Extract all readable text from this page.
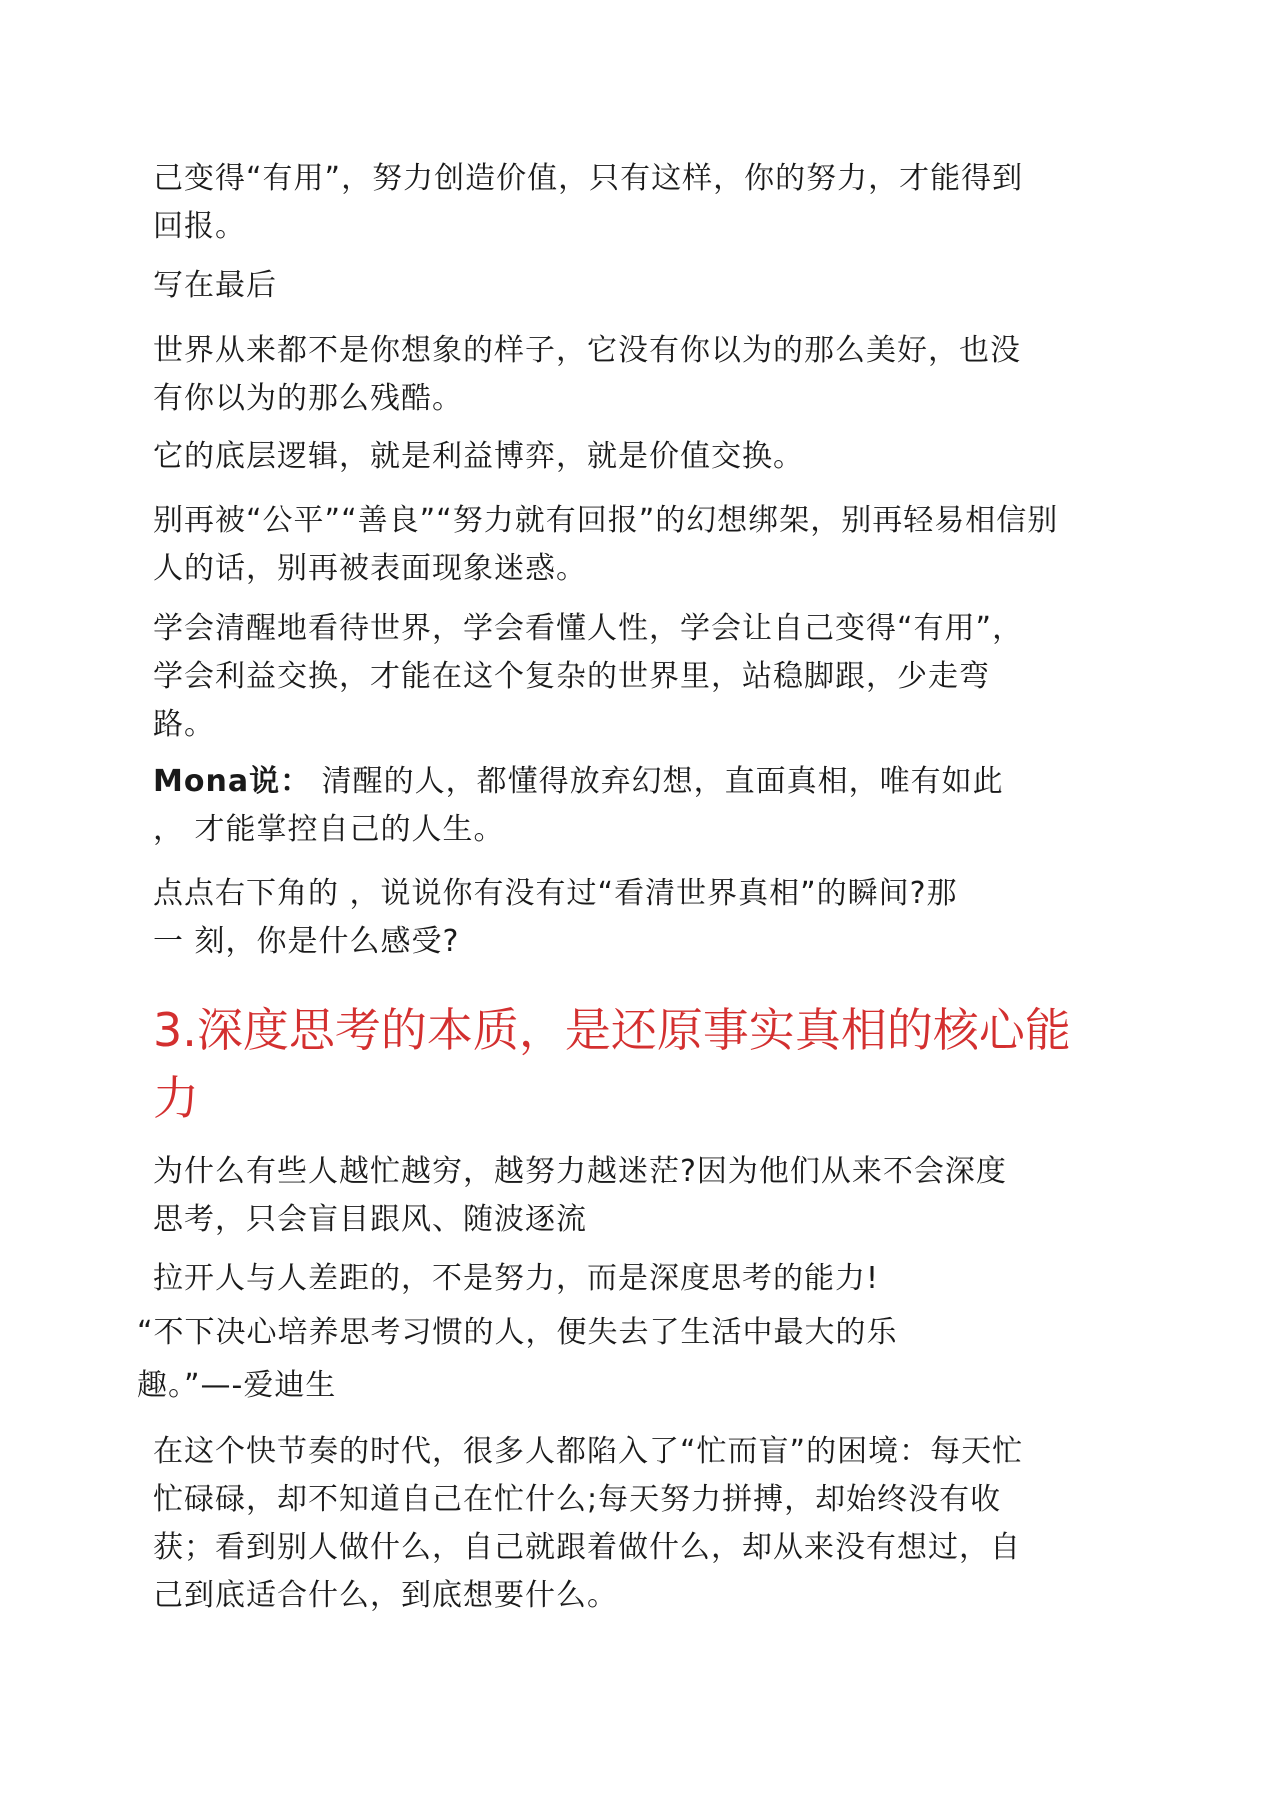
己变得“有用”，努力创造价值，只有这样，你的努力，才能得到
回报。

写在最后

世界从来都不是你想象的样子，它没有你以为的那么美好，也没
有你以为的那么残酷。

它的底层逻辑，就是利益博弈，就是价值交换。

别再被“公平”“善良”“努力就有回报”的幻想绑架，别再轻易相信别
人的话，别再被表面现象迷惑。

学会清醒地看待世界，学会看懂人性，学会让自己变得“有用”，
学会利益交换，才能在这个复杂的世界里，站稳脚跟，少走弯
路。

Mona说： 清醒的人，都懂得放弃幻想，直面真相，唯有如此
， 才能掌控自己的人生。

点点右下角的 ，说说你有没有过“看清世界真相”的瞬间?那
一 刻，你是什么感受?

3.深度思考的本质，是还原事实真相的核心能
力

为什么有些人越忙越穷，越努力越迷茫?因为他们从来不会深度
思考，只会盲目跟风、随波逐流

拉开人与人差距的，不是努力，而是深度思考的能力!

“不下决心培养思考习惯的人，便失去了生活中最大的乐

趣。”—-爱迪生

在这个快节奏的时代，很多人都陷入了“忙而盲”的困境：每天忙
忙碌碌，却不知道自己在忙什么;每天努力拼搏，却始终没有收
获；看到别人做什么，自己就跟着做什么，却从来没有想过，自
己到底适合什么，到底想要什么。
